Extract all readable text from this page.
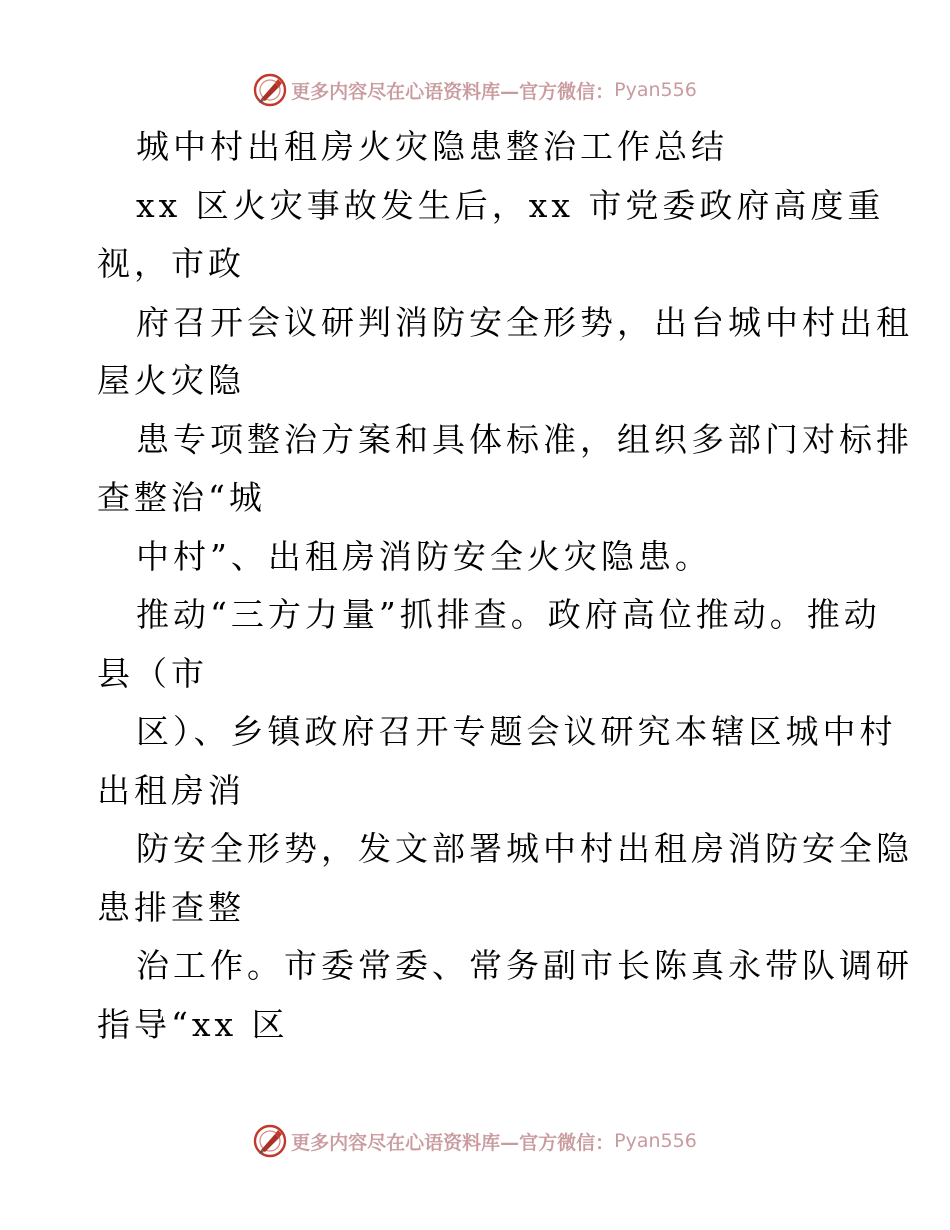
更多内容尽在心语资料库—官方微信： Pyan556
城中村出租房火灾隐患整治工作总结
xx 区火灾事故发生后，xx 市党委政府高度重
视，市政
府召开会议研判消防安全形势，出台城中村出租
屋火灾隐
患专项整治方案和具体标准，组织多部门对标排
查整治“城
中村”、出租房消防安全火灾隐患。
推动“三方力量”抓排查。政府高位推动。推动
县（市
区）、乡镇政府召开专题会议研究本辖区城中村
出租房消
防安全形势，发文部署城中村出租房消防安全隐
患排查整
治工作。市委常委、常务副市长陈真永带队调研
指导“xx 区
更多内容尽在心语资料库—官方微信： Pyan556
